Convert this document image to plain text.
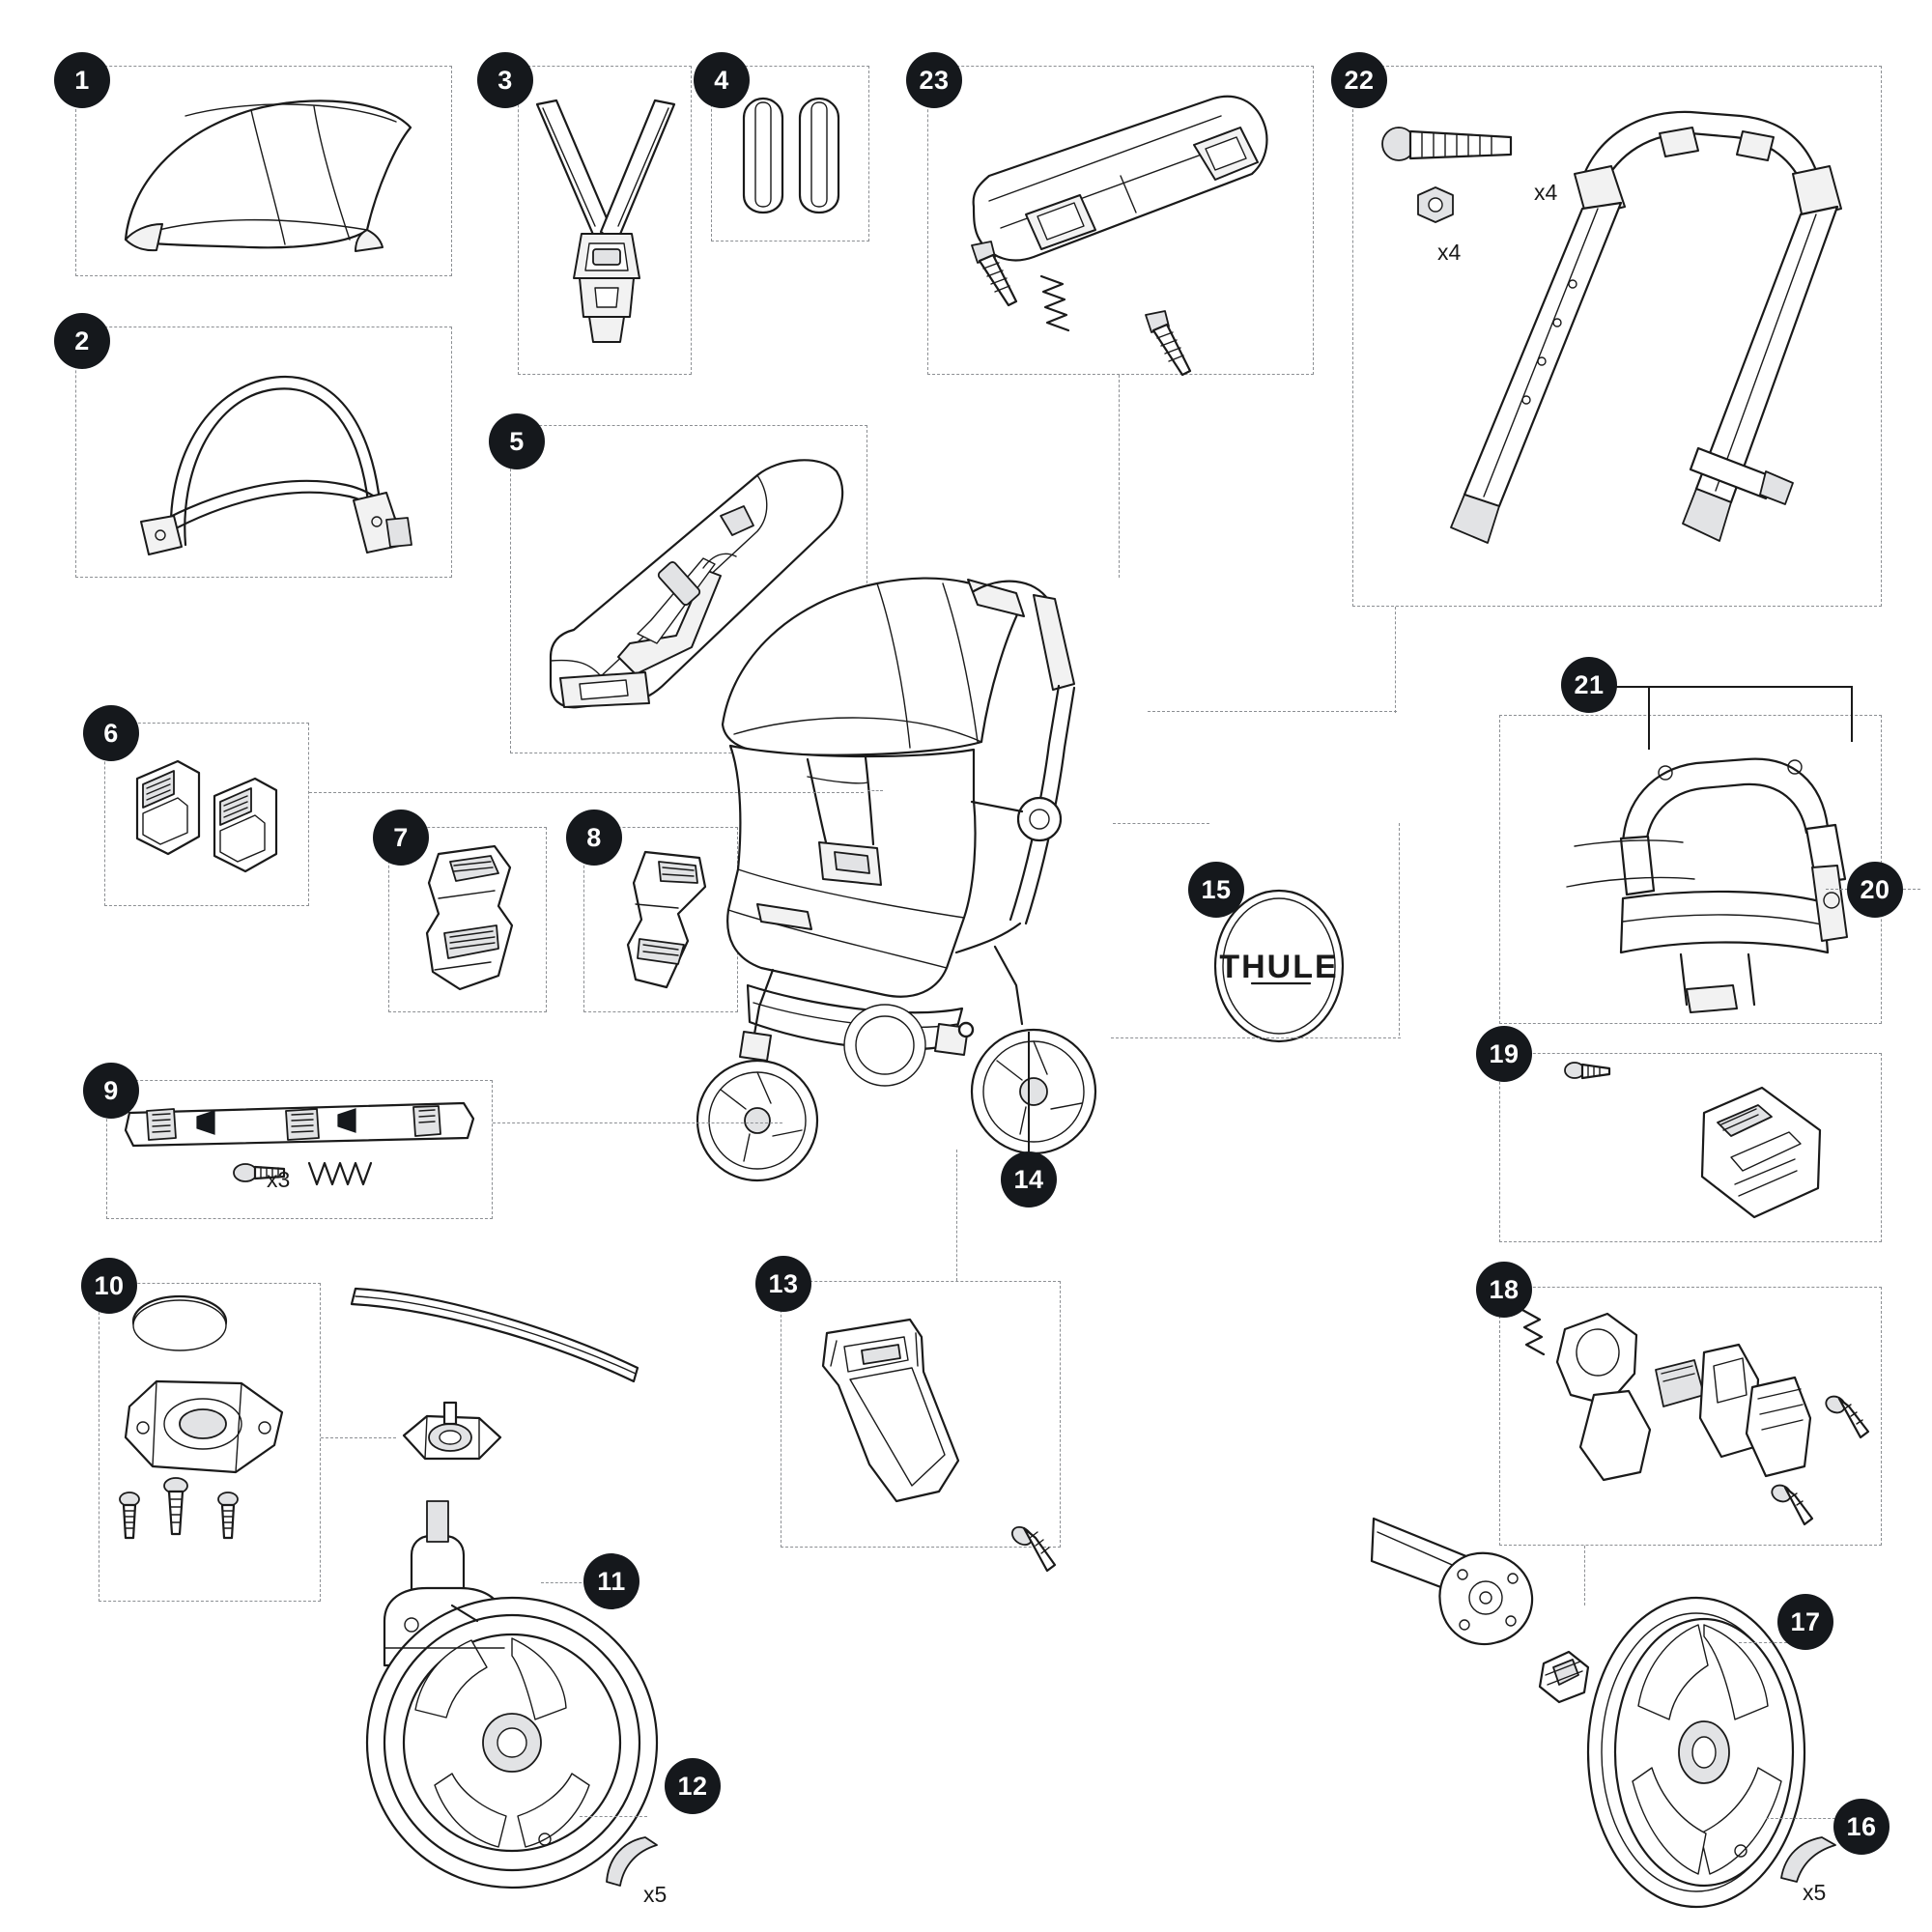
x4
x4
x3
x5
THULE
x5
1
2
3	4
5
6
7	8
9
10
11
12
13
14
15
16
17
18
19
20
21
22
23
